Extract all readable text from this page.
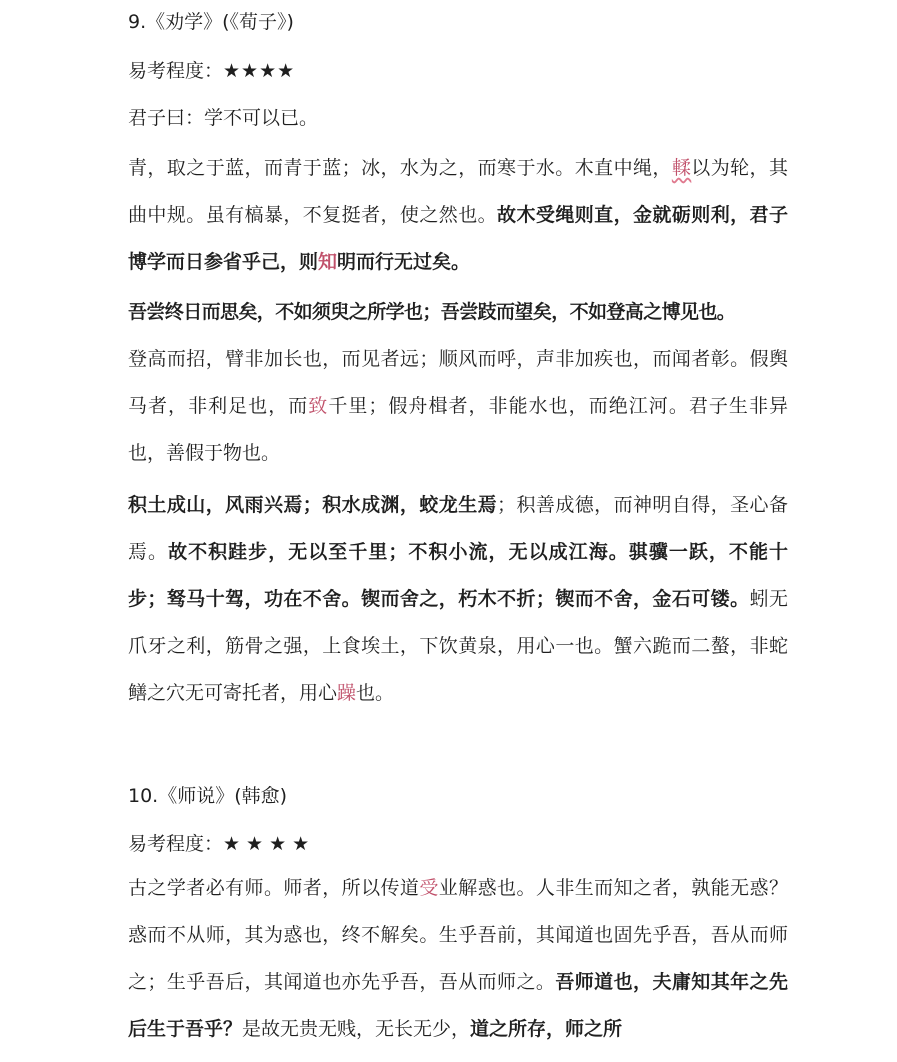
9.《劝学》(《荀子》)

易考程度：★★★★

君子曰：学不可以已。

青，取之于蓝，而青于蓝；冰，水为之，而寒于水。木直中绳，輮以为轮，其曲中规。虽有槁暴，不复挺者，使之然也。故木受绳则直，金就砺则利，君子博学而日参省乎己，则知明而行无过矣。

吾尝终日而思矣，不如须臾之所学也；吾尝跂而望矣，不如登高之博见也。

登高而招，臂非加长也，而见者远；顺风而呼，声非加疾也，而闻者彰。假舆马者，非利足也，而致千里；假舟楫者，非能水也，而绝江河。君子生非异也，善假于物也。

积土成山，风雨兴焉；积水成渊，蛟龙生焉；积善成德，而神明自得，圣心备焉。故不积跬步，无以至千里；不积小流，无以成江海。骐骥一跃，不能十步；驽马十驾，功在不舍。锲而舍之，朽木不折；锲而不舍，金石可镂。蚓无爪牙之利，筋骨之强，上食埃土，下饮黄泉，用心一也。蟹六跪而二螯，非蛇鳝之穴无可寄托者，用心躁也。

10.《师说》(韩愈)

易考程度：★★★★

古之学者必有师。师者，所以传道受业解惑也。人非生而知之者，孰能无惑？惑而不从师，其为惑也，终不解矣。生乎吾前，其闻道也固先乎吾，吾从而师之；生乎吾后，其闻道也亦先乎吾，吾从而师之。吾师道也，夫庸知其年之先后生于吾乎？是故无贵无贱，无长无少，道之所存，师之所
